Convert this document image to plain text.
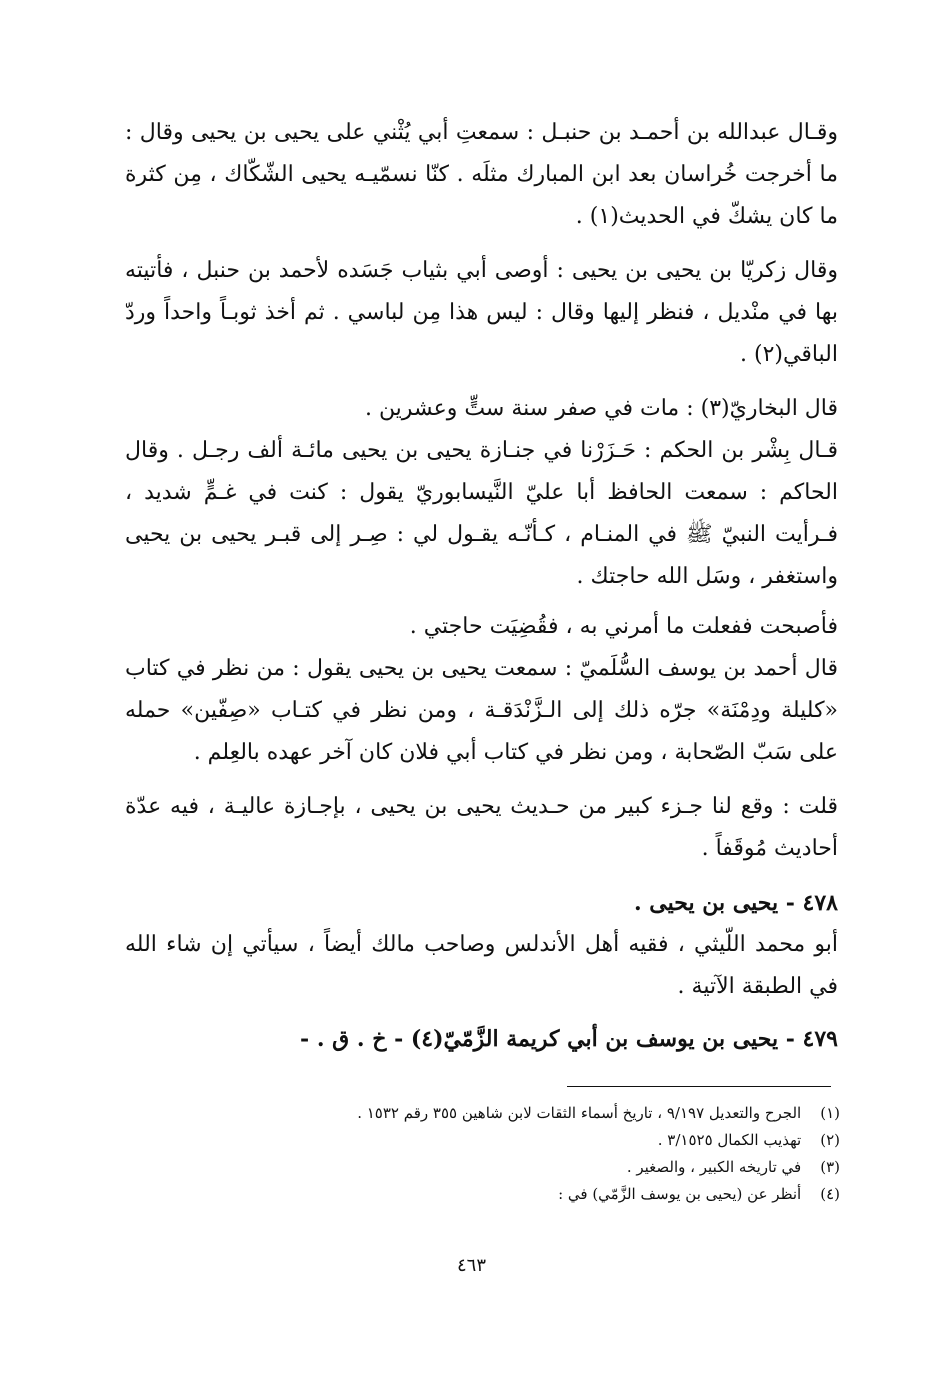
وقـال عبدالله بن أحمـد بن حنبـل : سمعتِ أبي يُثْني على يحيى بن يحيى وقال : ما أخرجت خُراسان بعد ابن المبارك مثلَه . كنّا نسمّيـه يحيى الشّكّاك ، مِن كثرة ما كان يشكّ في الحديث(١) .

وقال زكريّا بن يحيى بن يحيى : أوصى أبي بثياب جَسَده لأحمد بن حنبل ، فأتيته بها في منْديل ، فنظر إليها وقال : ليس هذا مِن لباسي . ثم أخذ ثوبـاً واحداً وردّ الباقي(٢) .

قال البخاريّ(٣) : مات في صفر سنة ستٍّ وعشرين .

قـال بِشْر بن الحكم : حَـزَرْنا في جنـازة يحيى بن يحيى مائـة ألف رجـل . وقال الحاكم : سمعت الحافظ أبا عليّ النَّيسابوريّ يقول : كنت في غـمٍّ شديد ، فـرأيت النبيّ ﷺ في المنـام ، كـأنّـه يقـول لي : صِـر إلى قبـر يحيى بن يحيى واستغفر ، وسَل الله حاجتك .

فأصبحت ففعلت ما أمرني به ، فقُضِيَت حاجتي .

قال أحمد بن يوسف السُّلَميّ : سمعت يحيى بن يحيى يقول : من نظر في كتاب «كليلة ودِمْنَة» جرّه ذلك إلى الـزَّنْدَقـة ، ومن نظر في كتـاب «صِفّين» حمله على سَبّ الصّحابة ، ومن نظر في كتاب أبي فلان كان آخر عهده بالعِلم .

قلت : وقع لنا جـزء كبير من حـديث يحيى بن يحيى ، بإجـازة عاليـة ، فيه عدّة أحاديث مُوقَفاً .

٤٧٨ - يحيى بن يحيى .

أبو محمد اللّيثي ، فقيه أهل الأندلس وصاحب مالك أيضاً ، سيأتي إن شاء الله في الطبقة الآتية .

٤٧٩ - يحيى بن يوسف بن أبي كريمة الزَّمّيّ(٤) - خ . ق . -

(١) الجرح والتعديل ٩/١٩٧ ، تاريخ أسماء الثقات لابن شاهين ٣٥٥ رقم ١٥٣٢ .
(٢) تهذيب الكمال ٣/١٥٢٥ .
(٣) في تاريخه الكبير ، والصغير .
(٤) أنظر عن (يحيى بن يوسف الزَّمّي) في :
٤٦٣
